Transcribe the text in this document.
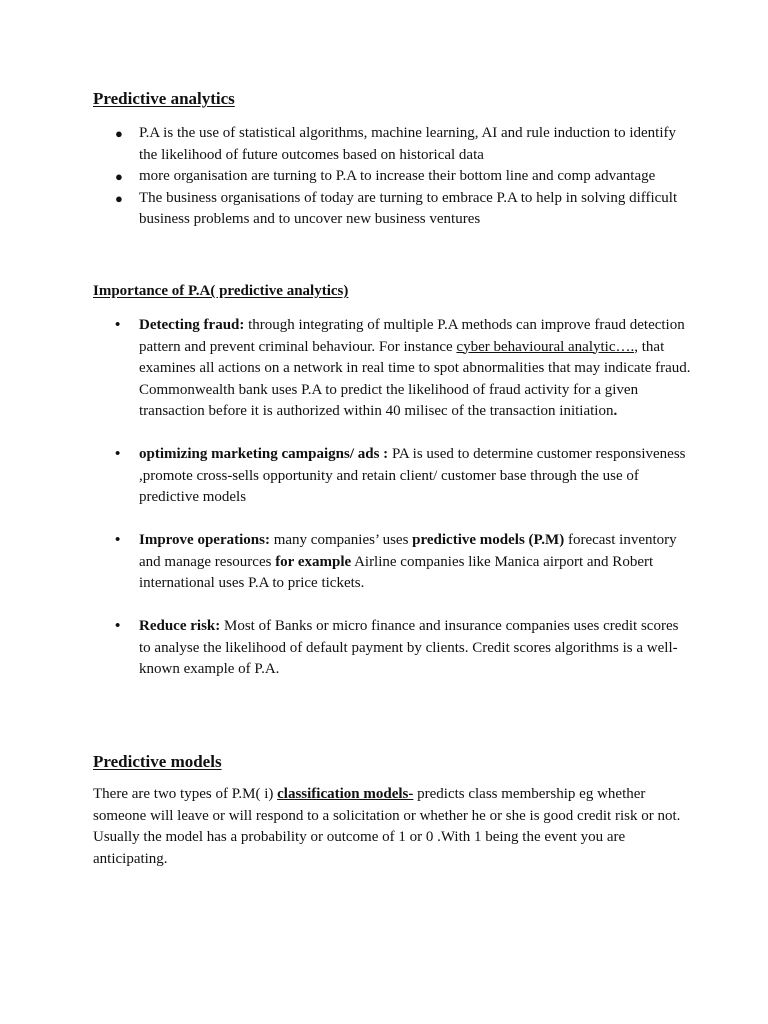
Predictive analytics
● P.A is the use of statistical algorithms, machine learning, AI and rule induction to identify the likelihood of future outcomes based on historical data
● more organisation are turning to P.A to increase their bottom line and comp advantage
● The business organisations of today are turning to embrace P.A to help in solving difficult business problems and to uncover new business ventures
Importance of P.A( predictive analytics)
• Detecting fraud: through integrating of multiple P.A methods can improve fraud detection pattern and prevent criminal behaviour. For instance cyber behavioural analytic…., that examines all actions on a network in real time to spot abnormalities that may indicate fraud. Commonwealth bank uses P.A to predict the likelihood of fraud activity for a given transaction before it is authorized within 40 milisec of the transaction initiation.
• optimizing marketing campaigns/ ads : PA is used to determine customer responsiveness ,promote cross-sells opportunity and retain client/ customer base through the use of predictive models
• Improve operations: many companies’ uses predictive models (P.M) forecast inventory and manage resources for example Airline companies like Manica airport and Robert international uses P.A to price tickets.
• Reduce risk: Most of Banks or micro finance and insurance companies uses credit scores to analyse the likelihood of default payment by clients. Credit scores algorithms is a well-known example of P.A.
Predictive models

There are two types of P.M( i) classification models- predicts class membership eg whether someone will leave or will respond to a solicitation or whether he or she is good credit risk or not. Usually the model has a probability or outcome of 1 or 0 .With 1 being the event you are anticipating.
